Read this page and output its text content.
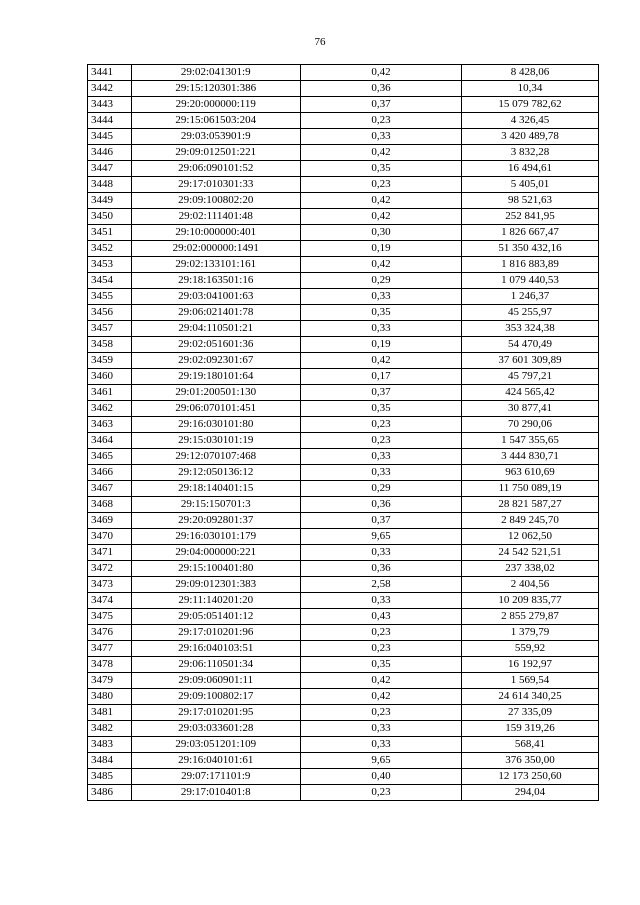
76
3441	29:02:041301:9	0,42	8 428,06
3442	29:15:120301:386	0,36	10,34
3443	29:20:000000:119	0,37	15 079 782,62
3444	29:15:061503:204	0,23	4 326,45
3445	29:03:053901:9	0,33	3 420 489,78
3446	29:09:012501:221	0,42	3 832,28
3447	29:06:090101:52	0,35	16 494,61
3448	29:17:010301:33	0,23	5 405,01
3449	29:09:100802:20	0,42	98 521,63
3450	29:02:111401:48	0,42	252 841,95
3451	29:10:000000:401	0,30	1 826 667,47
3452	29:02:000000:1491	0,19	51 350 432,16
3453	29:02:133101:161	0,42	1 816 883,89
3454	29:18:163501:16	0,29	1 079 440,53
3455	29:03:041001:63	0,33	1 246,37
3456	29:06:021401:78	0,35	45 255,97
3457	29:04:110501:21	0,33	353 324,38
3458	29:02:051601:36	0,19	54 470,49
3459	29:02:092301:67	0,42	37 601 309,89
3460	29:19:180101:64	0,17	45 797,21
3461	29:01:200501:130	0,37	424 565,42
3462	29:06:070101:451	0,35	30 877,41
3463	29:16:030101:80	0,23	70 290,06
3464	29:15:030101:19	0,23	1 547 355,65
3465	29:12:070107:468	0,33	3 444 830,71
3466	29:12:050136:12	0,33	963 610,69
3467	29:18:140401:15	0,29	11 750 089,19
3468	29:15:150701:3	0,36	28 821 587,27
3469	29:20:092801:37	0,37	2 849 245,70
3470	29:16:030101:179	9,65	12 062,50
3471	29:04:000000:221	0,33	24 542 521,51
3472	29:15:100401:80	0,36	237 338,02
3473	29:09:012301:383	2,58	2 404,56
3474	29:11:140201:20	0,33	10 209 835,77
3475	29:05:051401:12	0,43	2 855 279,87
3476	29:17:010201:96	0,23	1 379,79
3477	29:16:040103:51	0,23	559,92
3478	29:06:110501:34	0,35	16 192,97
3479	29:09:060901:11	0,42	1 569,54
3480	29:09:100802:17	0,42	24 614 340,25
3481	29:17:010201:95	0,23	27 335,09
3482	29:03:033601:28	0,33	159 319,26
3483	29:03:051201:109	0,33	568,41
3484	29:16:040101:61	9,65	376 350,00
3485	29:07:171101:9	0,40	12 173 250,60
3486	29:17:010401:8	0,23	294,04
